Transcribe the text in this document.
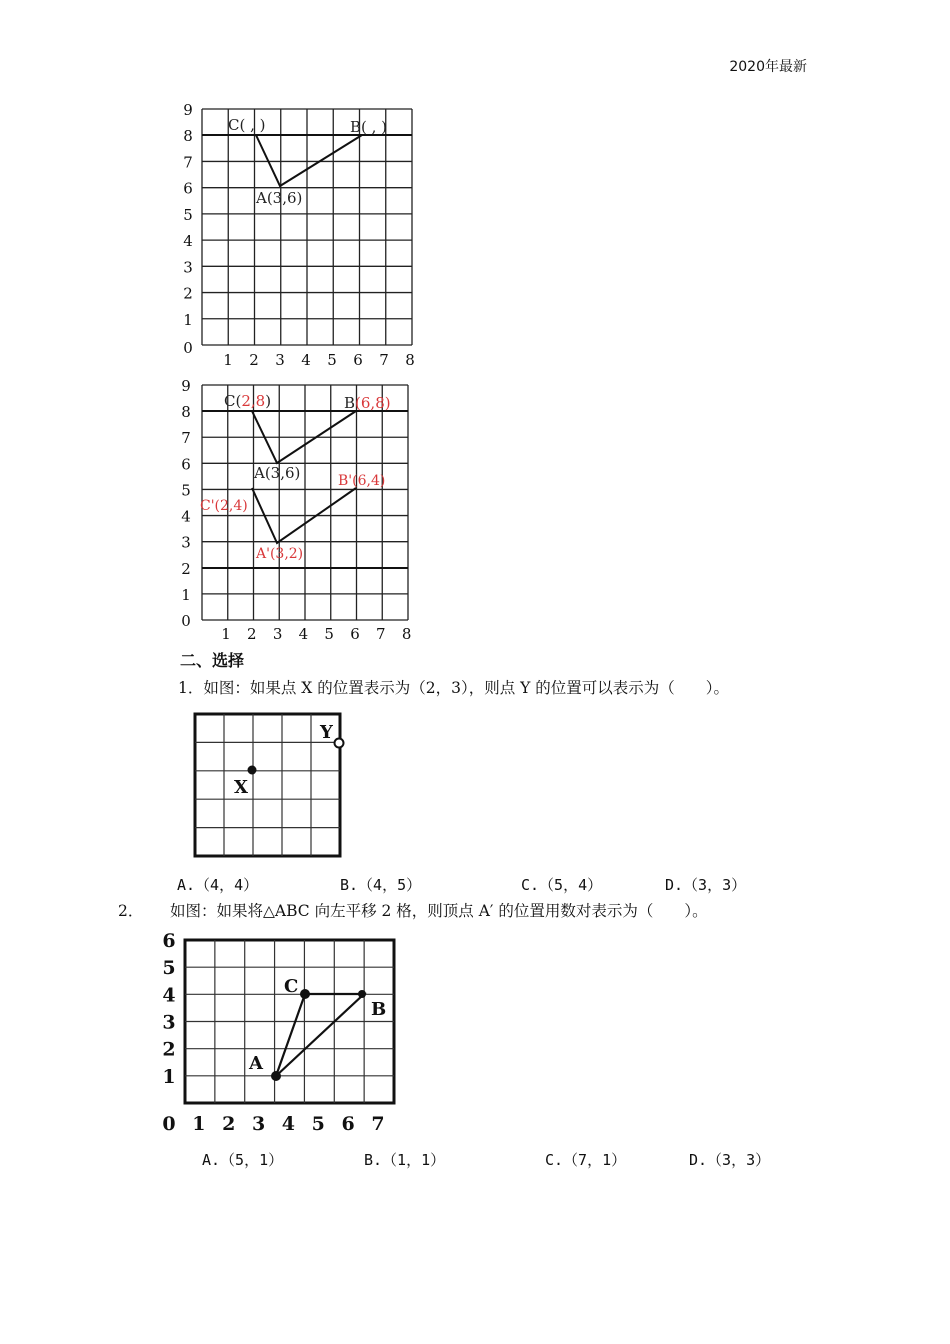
2020年最新
0
1
2
3
4
5
6
7
8
9
1 2 3 4 5 6 7 8
C( , )	B( , )
A(3,6)
0
1
2
3
4
5
6
7
8
9
1 2 3 4 5 6 7 8
C(2,8)	B(6,8)
A(3,6)	B'(6,4)
C'(2,4)
A'(3,2)
二、选择
1．如图：如果点 X 的位置表示为（2，3），则点 Y 的位置可以表示为（　　）。
X
Y
A.（4，4）	B.（4，5）	C.（5，4）	D.（3，3）
2． 如图：如果将△ABC 向左平移 2 格，则顶点 A′ 的位置用数对表示为（　　）。
1
2
3
4
5
6
0 1 2 3 4 5 6 7
A
B
C
A.（5，1）	B.（1，1）	C.（7，1）	D.（3，3）
